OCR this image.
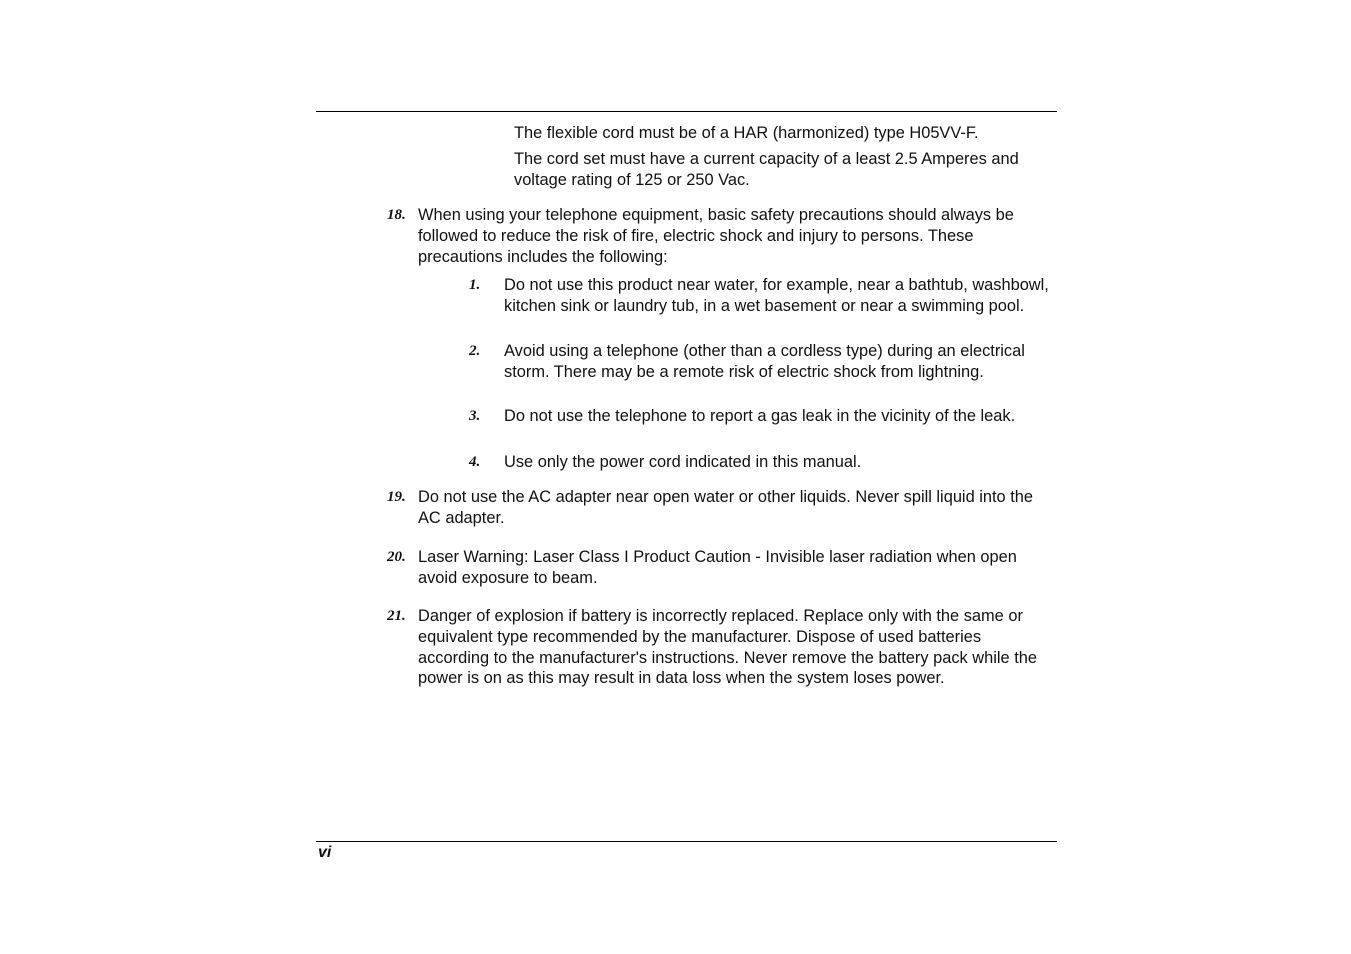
The flexible cord must be of a HAR (harmonized) type H05VV-F.
The cord set must have a current capacity of a least 2.5 Amperes and voltage rating of 125 or 250 Vac.
18. When using your telephone equipment, basic safety precautions should always be followed to reduce the risk of fire, electric shock and injury to persons. These precautions includes the following:
1. Do not use this product near water, for example, near a bathtub, washbowl, kitchen sink or laundry tub, in a wet basement or near a swimming pool.
2. Avoid using a telephone (other than a cordless type) during an electrical storm. There may be a remote risk of electric shock from lightning.
3. Do not use the telephone to report a gas leak in the vicinity of the leak.
4. Use only the power cord indicated in this manual.
19. Do not use the AC adapter near open water or other liquids. Never spill liquid into the AC adapter.
20. Laser Warning: Laser Class I Product Caution - Invisible laser radiation when open avoid exposure to beam.
21. Danger of explosion if battery is incorrectly replaced. Replace only with the same or equivalent type recommended by the manufacturer. Dispose of used batteries according to the manufacturer's instructions. Never remove the battery pack while the power is on as this may result in data loss when the system loses power.
vi
